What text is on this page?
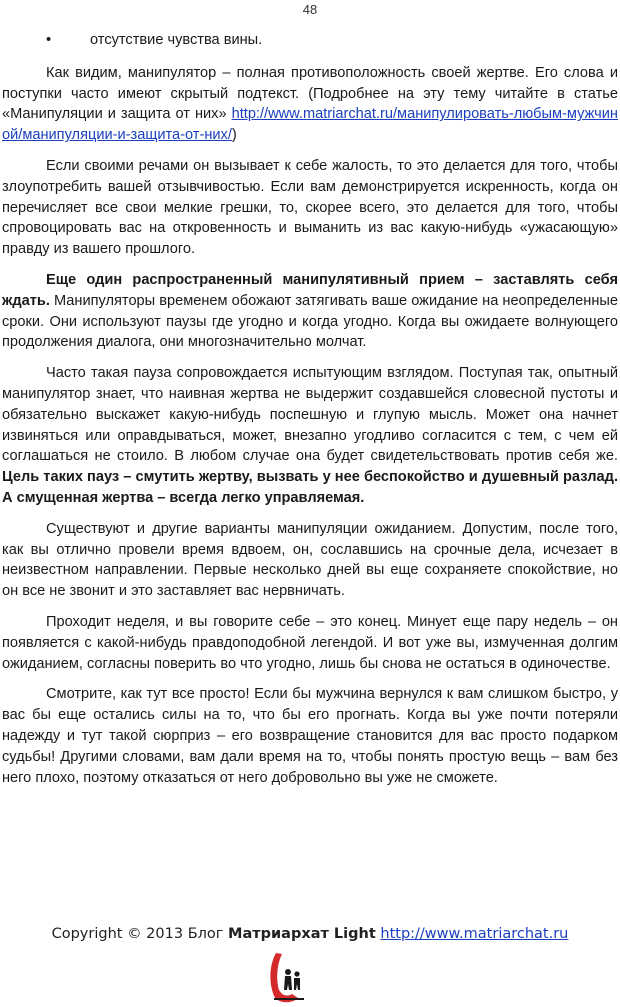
48
•	отсутствие чувства вины.

Как видим, манипулятор – полная противоположность своей жертве. Его слова и поступки часто имеют скрытый подтекст. (Подробнее на эту тему читайте в статье «Манипуляции и защита от них» http://www.matriarchat.ru/манипулировать-любым-мужчиной/манипуляции-и-защита-от-них/)

Если своими речами он вызывает к себе жалость, то это делается для того, чтобы злоупотребить вашей отзывчивостью. Если вам демонстрируется искренность, когда он перечисляет все свои мелкие грешки, то, скорее всего, это делается для того, чтобы спровоцировать вас на откровенность и выманить из вас какую-нибудь «ужасающую» правду из вашего прошлого.

Еще один распространенный манипулятивный прием – заставлять себя ждать. Манипуляторы временем обожают затягивать ваше ожидание на неопределенные сроки. Они используют паузы где угодно и когда угодно. Когда вы ожидаете волнующего продолжения диалога, они многозначительно молчат.

Часто такая пауза сопровождается испытующим взглядом. Поступая так, опытный манипулятор знает, что наивная жертва не выдержит создавшейся словесной пустоты и обязательно выскажет какую-нибудь поспешную и глупую мысль. Может она начнет извиняться или оправдываться, может, внезапно угодливо согласится с тем, с чем ей соглашаться не стоило. В любом случае она будет свидетельствовать против себя же. Цель таких пауз – смутить жертву, вызвать у нее беспокойство и душевный разлад. А смущенная жертва – всегда легко управляемая.

Существуют и другие варианты манипуляции ожиданием. Допустим, после того, как вы отлично провели время вдвоем, он, сославшись на срочные дела, исчезает в неизвестном направлении. Первые несколько дней вы еще сохраняете спокойствие, но он все не звонит и это заставляет вас нервничать.

Проходит неделя, и вы говорите себе – это конец. Минует еще пару недель – он появляется с какой-нибудь правдоподобной легендой. И вот уже вы, измученная долгим ожиданием, согласны поверить во что угодно, лишь бы снова не остаться в одиночестве.

Смотрите, как тут все просто! Если бы мужчина вернулся к вам слишком быстро, у вас бы еще остались силы на то, что бы его прогнать. Когда вы уже почти потеряли надежду и тут такой сюрприз – его возвращение становится для вас просто подарком судьбы! Другими словами, вам дали время на то, чтобы понять простую вещь – вам без него плохо, поэтому отказаться от него добровольно вы уже не сможете.

Copyright © 2013 Блог Матриархат Light http://www.matriarchat.ru
